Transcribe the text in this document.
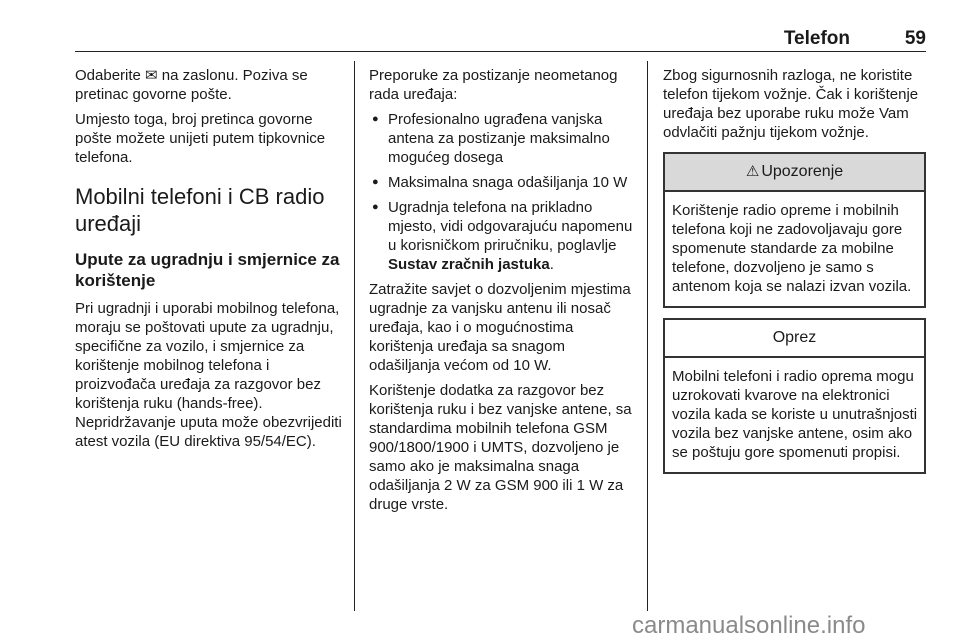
Telefon	59

Odaberite ✉ na zaslonu. Poziva se pretinac govorne pošte.

Umjesto toga, broj pretinca govorne pošte možete unijeti putem tipkovnice telefona.

Mobilni telefoni i CB radio uređaji
Upute za ugradnju i smjernice za korištenje

Pri ugradnji i uporabi mobilnog telefona, moraju se poštovati upute za ugradnju, specifične za vozilo, i smjernice za korištenje mobilnog telefona i proizvođača uređaja za razgovor bez korištenja ruku (hands-free). Nepridržavanje uputa može obezvrijediti atest vozila (EU direktiva 95/54/EC).

Preporuke za postizanje neometanog rada uređaja:

● Profesionalno ugrađena vanjska antena za postizanje maksimalno mogućeg dosega
● Maksimalna snaga odašiljanja 10 W
● Ugradnja telefona na prikladno mjesto, vidi odgovarajuću napomenu u korisničkom priručniku, poglavlje Sustav zračnih jastuka.

Zatražite savjet o dozvoljenim mjestima ugradnje za vanjsku antenu ili nosač uređaja, kao i o mogućnostima korištenja uređaja sa snagom odašiljanja većom od 10 W.

Korištenje dodatka za razgovor bez korištenja ruku i bez vanjske antene, sa standardima mobilnih telefona GSM 900/1800/1900 i UMTS, dozvoljeno je samo ako je maksimalna snaga odašiljanja 2 W za GSM 900 ili 1 W za druge vrste.

Zbog sigurnosnih razloga, ne koristite telefon tijekom vožnje. Čak i korištenje uređaja bez uporabe ruku može Vam odvlačiti pažnju tijekom vožnje.

⚠ Upozorenje
Korištenje radio opreme i mobilnih telefona koji ne zadovoljavaju gore spomenute standarde za mobilne telefone, dozvoljeno je samo s antenom koja se nalazi izvan vozila.
Oprez
Mobilni telefoni i radio oprema mogu uzrokovati kvarove na elektronici vozila kada se koriste u unutrašnjosti vozila bez vanjske antene, osim ako se poštuju gore spomenuti propisi.
carmanualsonline.info
